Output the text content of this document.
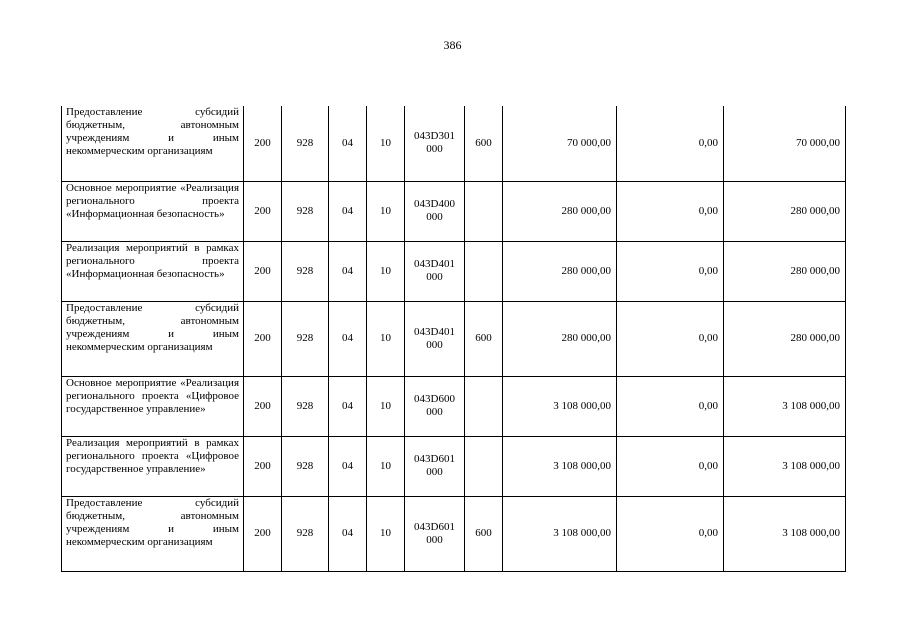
386
Предоставление субсидий бюджетным, автономным учреждениям и иным некоммерческим организациям	200	928	04	10	043D301 000	600	70 000,00	0,00	70 000,00
Основное мероприятие «Реализация регионального проекта «Информационная безопасность»	200	928	04	10	043D400 000		280 000,00	0,00	280 000,00
Реализация мероприятий в рамках регионального проекта «Информационная безопасность»	200	928	04	10	043D401 000		280 000,00	0,00	280 000,00
Предоставление субсидий бюджетным, автономным учреждениям и иным некоммерческим организациям	200	928	04	10	043D401 000	600	280 000,00	0,00	280 000,00
Основное мероприятие «Реализация регионального проекта «Цифровое государственное управление»	200	928	04	10	043D600 000		3 108 000,00	0,00	3 108 000,00
Реализация мероприятий в рамках регионального проекта «Цифровое государственное управление»	200	928	04	10	043D601 000		3 108 000,00	0,00	3 108 000,00
Предоставление субсидий бюджетным, автономным учреждениям и иным некоммерческим организациям	200	928	04	10	043D601 000	600	3 108 000,00	0,00	3 108 000,00
